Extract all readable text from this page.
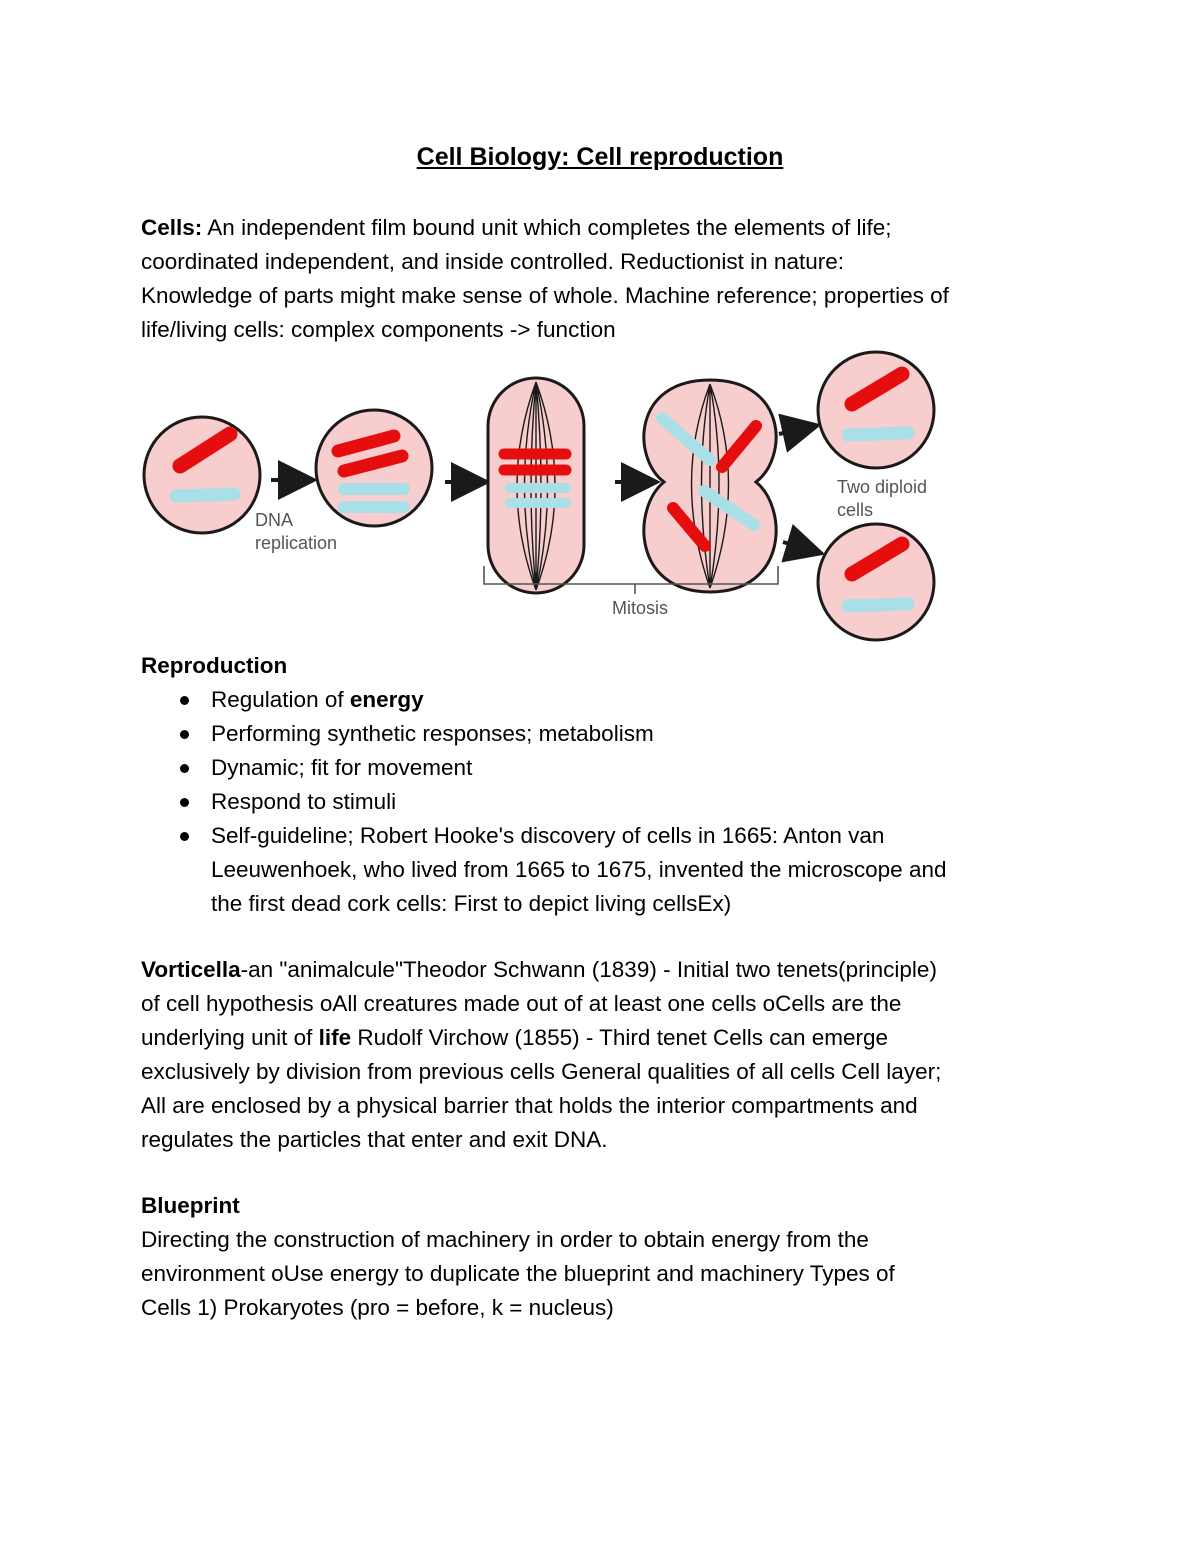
Cell Biology: Cell reproduction
Cells: An independent film bound unit which completes the elements of life;
coordinated independent, and inside controlled. Reductionist in nature:
Knowledge of parts might make sense of whole. Machine reference; properties of
life/living cells: complex components -> function
DNA
replication
Mitosis
Two diploid
cells
Reproduction
Regulation of energy
Performing synthetic responses; metabolism
Dynamic; fit for movement
Respond to stimuli
Self-guideline; Robert Hooke's discovery of cells in 1665: Anton van
Leeuwenhoek, who lived from 1665 to 1675, invented the microscope and
the first dead cork cells: First to depict living cellsEx)
Vorticella-an "animalcule"Theodor Schwann (1839) - Initial two tenets(principle)
of cell hypothesis oAll creatures made out of at least one cells oCells are the
underlying unit of life Rudolf Virchow (1855) - Third tenet Cells can emerge
exclusively by division from previous cells General qualities of all cells Cell layer;
All are enclosed by a physical barrier that holds the interior compartments and
regulates the particles that enter and exit DNA.
Blueprint
Directing the construction of machinery in order to obtain energy from the
environment oUse energy to duplicate the blueprint and machinery Types of
Cells 1) Prokaryotes (pro = before, k = nucleus)
